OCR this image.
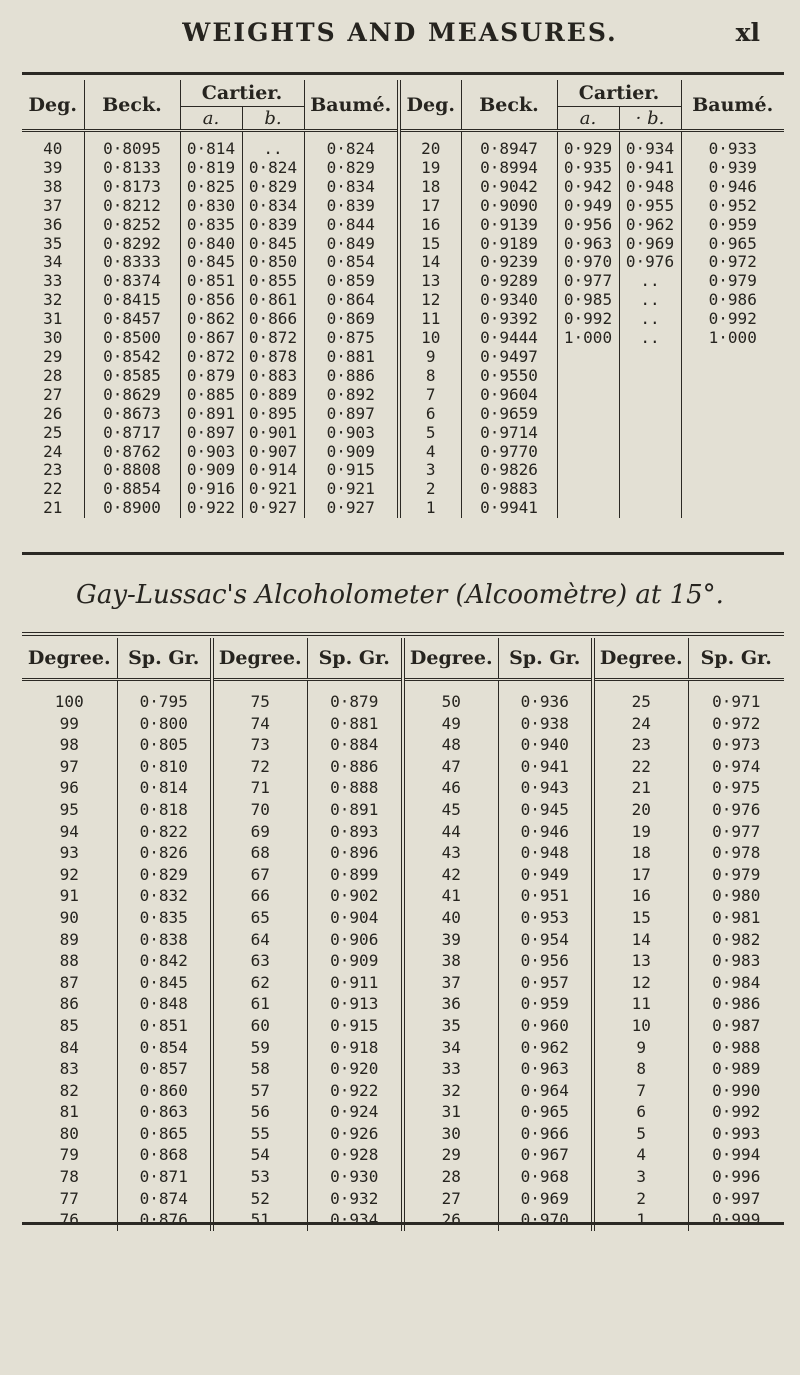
WEIGHTS AND MEASURES.	xl
Deg.	Beck.	Cartier.		Baumé.	Deg.	Beck.	Cartier.		Baumé.
		a.	b.				a.	· b.	
40	0·8095	0·814	..	0·824	20	0·8947	0·929	0·934	0·933
39	0·8133	0·819	0·824	0·829	19	0·8994	0·935	0·941	0·939
38	0·8173	0·825	0·829	0·834	18	0·9042	0·942	0·948	0·946
37	0·8212	0·830	0·834	0·839	17	0·9090	0·949	0·955	0·952
36	0·8252	0·835	0·839	0·844	16	0·9139	0·956	0·962	0·959
35	0·8292	0·840	0·845	0·849	15	0·9189	0·963	0·969	0·965
34	0·8333	0·845	0·850	0·854	14	0·9239	0·970	0·976	0·972
33	0·8374	0·851	0·855	0·859	13	0·9289	0·977	..	0·979
32	0·8415	0·856	0·861	0·864	12	0·9340	0·985	..	0·986
31	0·8457	0·862	0·866	0·869	11	0·9392	0·992	..	0·992
30	0·8500	0·867	0·872	0·875	10	0·9444	1·000	..	1·000
29	0·8542	0·872	0·878	0·881	9	0·9497			
28	0·8585	0·879	0·883	0·886	8	0·9550			
27	0·8629	0·885	0·889	0·892	7	0·9604			
26	0·8673	0·891	0·895	0·897	6	0·9659			
25	0·8717	0·897	0·901	0·903	5	0·9714			
24	0·8762	0·903	0·907	0·909	4	0·9770			
23	0·8808	0·909	0·914	0·915	3	0·9826			
22	0·8854	0·916	0·921	0·921	2	0·9883			
21	0·8900	0·922	0·927	0·927	1	0·9941			
Gay-Lussac's Alcoholometer (Alcoomètre) at 15°.
Degree.	Sp. Gr.	Degree.	Sp. Gr.	Degree.	Sp. Gr.	Degree.	Sp. Gr.
100	0·795	75	0·879	50	0·936	25	0·971
99	0·800	74	0·881	49	0·938	24	0·972
98	0·805	73	0·884	48	0·940	23	0·973
97	0·810	72	0·886	47	0·941	22	0·974
96	0·814	71	0·888	46	0·943	21	0·975
95	0·818	70	0·891	45	0·945	20	0·976
94	0·822	69	0·893	44	0·946	19	0·977
93	0·826	68	0·896	43	0·948	18	0·978
92	0·829	67	0·899	42	0·949	17	0·979
91	0·832	66	0·902	41	0·951	16	0·980
90	0·835	65	0·904	40	0·953	15	0·981
89	0·838	64	0·906	39	0·954	14	0·982
88	0·842	63	0·909	38	0·956	13	0·983
87	0·845	62	0·911	37	0·957	12	0·984
86	0·848	61	0·913	36	0·959	11	0·986
85	0·851	60	0·915	35	0·960	10	0·987
84	0·854	59	0·918	34	0·962	9	0·988
83	0·857	58	0·920	33	0·963	8	0·989
82	0·860	57	0·922	32	0·964	7	0·990
81	0·863	56	0·924	31	0·965	6	0·992
80	0·865	55	0·926	30	0·966	5	0·993
79	0·868	54	0·928	29	0·967	4	0·994
78	0·871	53	0·930	28	0·968	3	0·996
77	0·874	52	0·932	27	0·969	2	0·997
76	0·876	51	0·934	26	0·970	1	0·999
